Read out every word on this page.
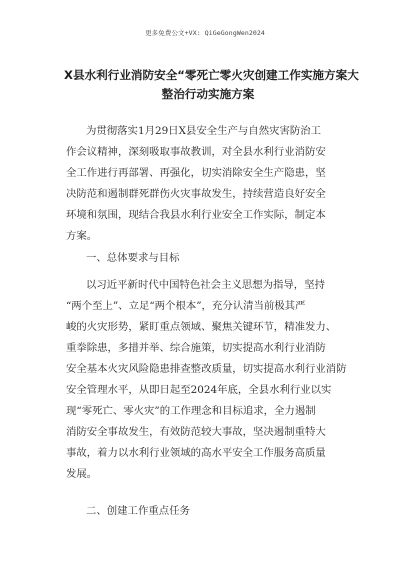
更多免费公文+VX: QiGeGongWen2024
X县水利行业消防安全“零死亡零火灾创建工作实施方案大
整治行动实施方案
为贯彻落实1月29日X县安全生产与自然灾害防治工
作会议精神，深刻吸取事故教训，对全县水利行业消防安
全工作进行再部署、再强化，切实消除安全生产隐患，坚
决防范和遏制群死群伤火灾事故发生，持续营造良好安全
环境和氛围，现结合我县水利行业安全工作实际，制定本
方案。
一、总体要求与目标
以习近平新时代中国特色社会主义思想为指导，坚持
“两个至上”、立足“两个根本”，充分认清当前极其严
峻的火灾形势，紧盯重点领域、聚焦关键环节，精准发力、
重拳除患，多措并举、综合施策，切实提高水利行业消防
安全基本火灾风险隐患排查整改质量，切实提高水利行业消防
安全管理水平，从即日起至2024年底，全县水利行业以实
现“零死亡、零火灾”的工作理念和目标追求，全力遏制
消防安全事故发生，有效防范较大事故，坚决遏制重特大
事故，着力以水利行业领域的高水平安全工作服务高质量
发展。
二、创建工作重点任务
